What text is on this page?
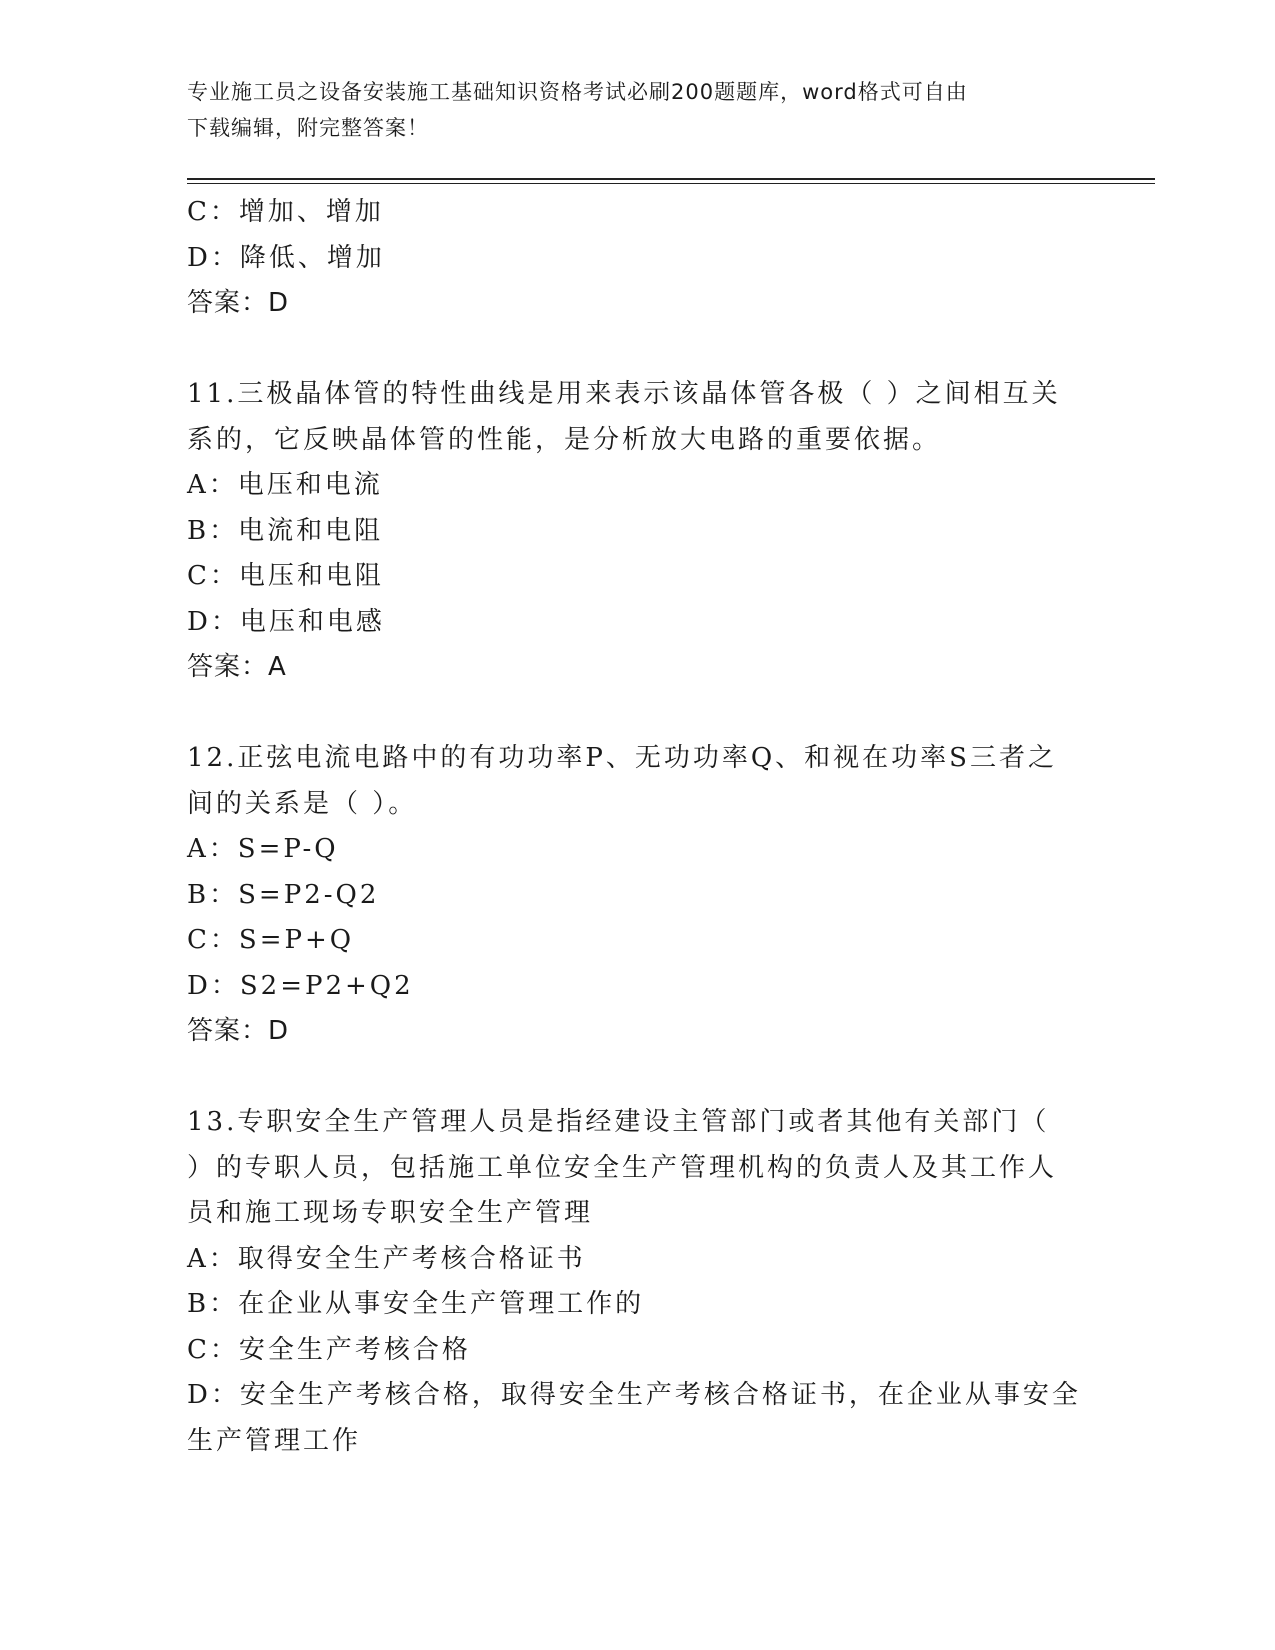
专业施工员之设备安装施工基础知识资格考试必刷200题题库，word格式可自由
下载编辑，附完整答案！
C：增加、增加
D：降低、增加
答案：D
11.三极晶体管的特性曲线是用来表示该晶体管各极（ ）之间相互关
系的，它反映晶体管的性能，是分析放大电路的重要依据。
A：电压和电流
B：电流和电阻
C：电压和电阻
D：电压和电感
答案：A
12.正弦电流电路中的有功功率P、无功功率Q、和视在功率S三者之
间的关系是（ ）。
A：S=P-Q
B：S=P2-Q2
C：S=P+Q
D：S2=P2+Q2
答案：D
13.专职安全生产管理人员是指经建设主管部门或者其他有关部门（
）的专职人员，包括施工单位安全生产管理机构的负责人及其工作人
员和施工现场专职安全生产管理
A：取得安全生产考核合格证书
B：在企业从事安全生产管理工作的
C：安全生产考核合格
D：安全生产考核合格，取得安全生产考核合格证书，在企业从事安全
生产管理工作
